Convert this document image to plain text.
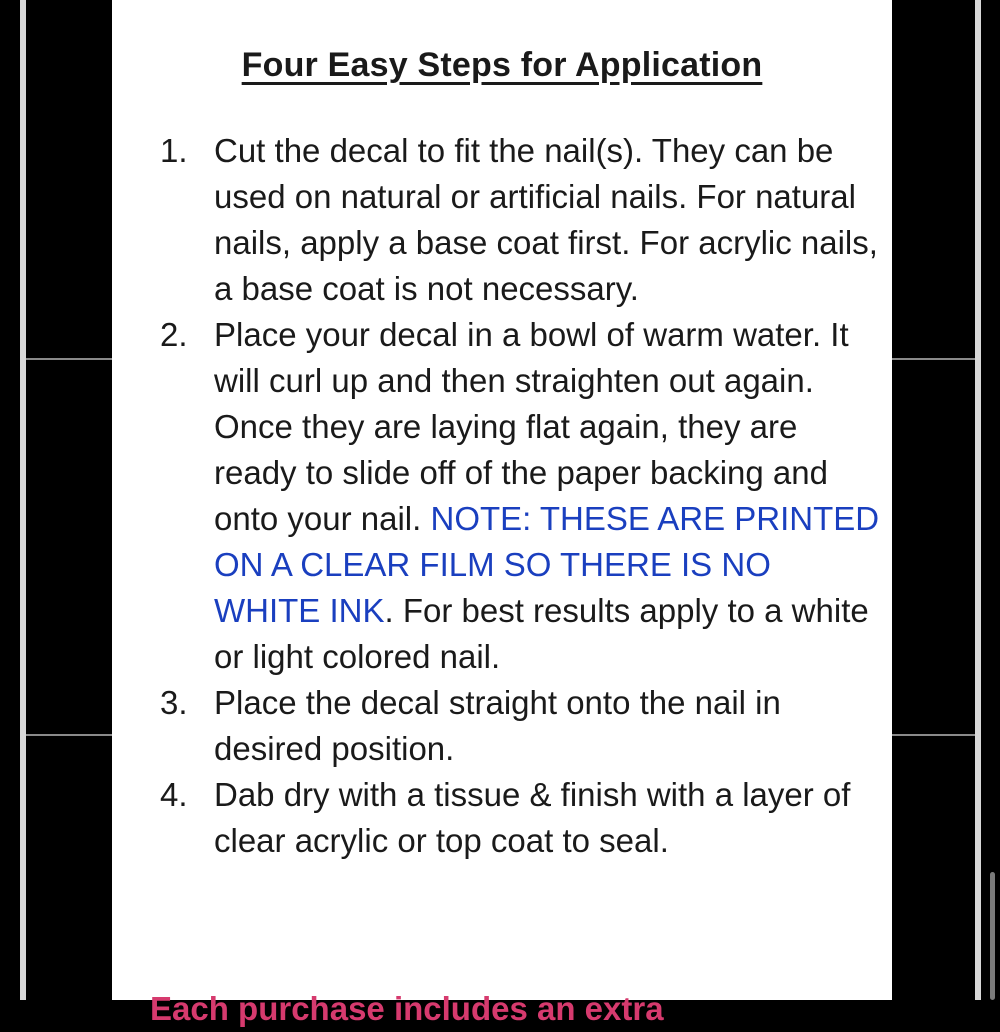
Four Easy Steps for Application
1. Cut the decal to fit the nail(s). They can be used on natural or artificial nails. For natural nails, apply a base coat first. For acrylic nails, a base coat is not necessary.
2. Place your decal in a bowl of warm water. It will curl up and then straighten out again. Once they are laying flat again, they are ready to slide off of the paper backing and onto your nail. NOTE: THESE ARE PRINTED ON A CLEAR FILM SO THERE IS NO WHITE INK. For best results apply to a white or light colored nail.
3. Place the decal straight onto the nail in desired position.
4. Dab dry with a tissue & finish with a layer of clear acrylic or top coat to seal.
Each purchase includes an extra
